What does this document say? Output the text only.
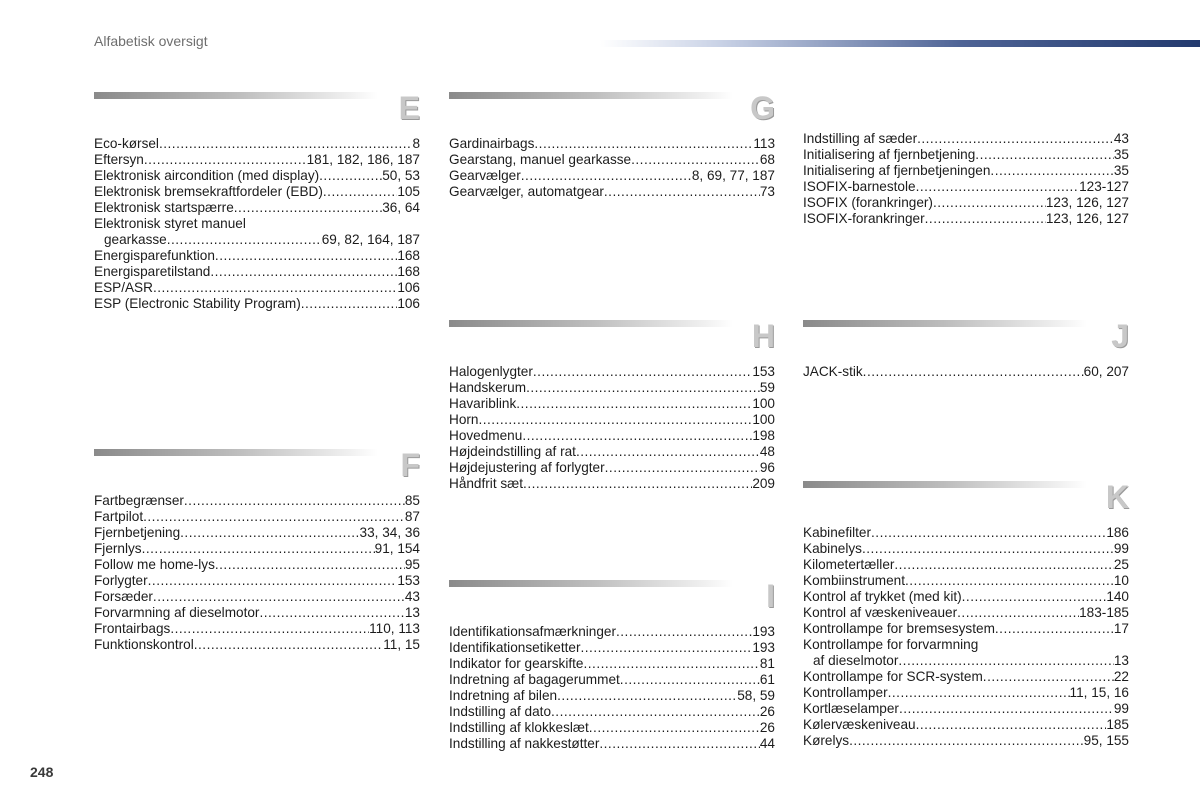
Alfabetisk oversigt
E
Eco-kørsel .....	8
Eftersyn .....	181, 182, 186, 187
Elektronisk aircondition (med display) .....	50, 53
Elektronisk bremsekraftfordeler (EBD) .....	105
Elektronisk startspærre .....	36, 64
Elektronisk styret manuel
gearkasse .....	69, 82, 164, 187
Energisparefunktion .....	168
Energisparetilstand .....	168
ESP/ASR .....	106
ESP (Electronic Stability Program) .....	106
F
Fartbegrænser .....	85
Fartpilot .....	87
Fjernbetjening .....	33, 34, 36
Fjernlys .....	91, 154
Follow me home-lys .....	95
Forlygter .....	153
Forsæder .....	43
Forvarmning af dieselmotor .....	13
Frontairbags .....	110, 113
Funktionskontrol .....	11, 15
G
Gardinairbags .....	113
Gearstang, manuel gearkasse .....	68
Gearvælger .....	8, 69, 77, 187
Gearvælger, automatgear .....	73
H
Halogenlygter .....	153
Handskerum .....	59
Havariblink .....	100
Horn .....	100
Hovedmenu .....	198
Højdeindstilling af rat .....	48
Højdejustering af forlygter .....	96
Håndfrit sæt .....	209
I
Identifikationsafmærkninger .....	193
Identifikationsetiketter .....	193
Indikator for gearskifte .....	81
Indretning af bagagerummet .....	61
Indretning af bilen .....	58, 59
Indstilling af dato .....	26
Indstilling af klokkeslæt .....	26
Indstilling af nakkestøtter .....	44
Indstilling af sæder .....	43
Initialisering af fjernbetjening .....	35
Initialisering af fjernbetjeningen .....	35
ISOFIX-barnestole .....	123-127
ISOFIX (forankringer) .....	123, 126, 127
ISOFIX-forankringer .....	123, 126, 127
J
JACK-stik .....	60, 207
K
Kabinefilter .....	186
Kabinelys .....	99
Kilometertæller .....	25
Kombiinstrument .....	10
Kontrol af trykket (med kit) .....	140
Kontrol af væskeniveauer .....	183-185
Kontrollampe for bremsesystem .....	17
Kontrollampe for forvarmning
af dieselmotor .....	13
Kontrollampe for SCR-system .....	22
Kontrollamper .....	11, 15, 16
Kortlæselamper .....	99
Kølervæskeniveau .....	185
Kørelys .....	95, 155
248
